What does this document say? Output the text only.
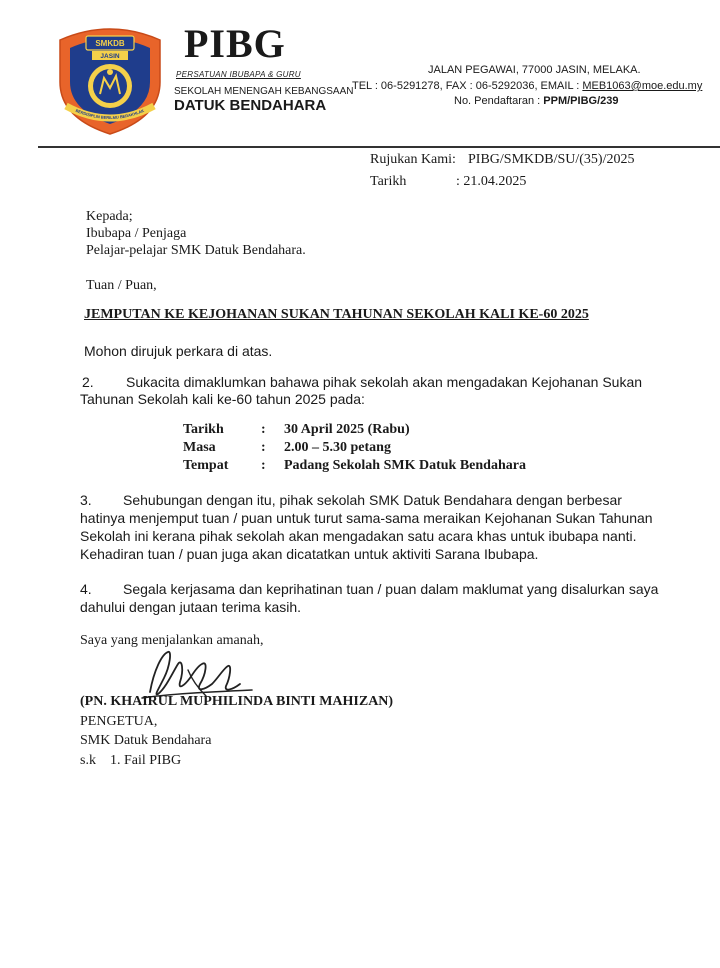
SMKDB
JASIN
BERDISIPLIN BERILMU BERAKHLAK
PIBG
PERSATUAN IBUBAPA & GURU
SEKOLAH MENENGAH KEBANGSAAN
DATUK BENDAHARA
JALAN PEGAWAI, 77000 JASIN, MELAKA.
TEL : 06-5291278, FAX : 06-5292036, EMAIL : MEB1063@moe.edu.my
No. Pendaftaran : PPM/PIBG/239
Rujukan Kami: PIBG/SMKDB/SU/(35)/2025
Tarikh	: 21.04.2025
Kepada;
Ibubapa / Penjaga
Pelajar-pelajar SMK Datuk Bendahara.
Tuan / Puan,
JEMPUTAN KE KEJOHANAN SUKAN TAHUNAN SEKOLAH KALI KE-60 2025
Mohon dirujuk perkara di atas.
2. Sukacita dimaklumkan bahawa pihak sekolah akan mengadakan Kejohanan Sukan
Tahunan Sekolah kali ke-60 tahun 2025 pada:
Tarikh	: 30 April 2025 (Rabu)
Masa	: 2.00 – 5.30 petang
Tempat : Padang Sekolah SMK Datuk Bendahara
3. Sehubungan dengan itu, pihak sekolah SMK Datuk Bendahara dengan berbesar
hatinya menjemput tuan / puan untuk turut sama-sama meraikan Kejohanan Sukan Tahunan
Sekolah ini kerana pihak sekolah akan mengadakan satu acara khas untuk ibubapa nanti.
Kehadiran tuan / puan juga akan dicatatkan untuk aktiviti Sarana Ibubapa.
4. Segala kerjasama dan keprihatinan tuan / puan dalam maklumat yang disalurkan saya
dahului dengan jutaan terima kasih.
Saya yang menjalankan amanah,
(PN. KHAIRUL MUPHILINDA BINTI MAHIZAN)
PENGETUA,
SMK Datuk Bendahara
s.k    1. Fail PIBG
